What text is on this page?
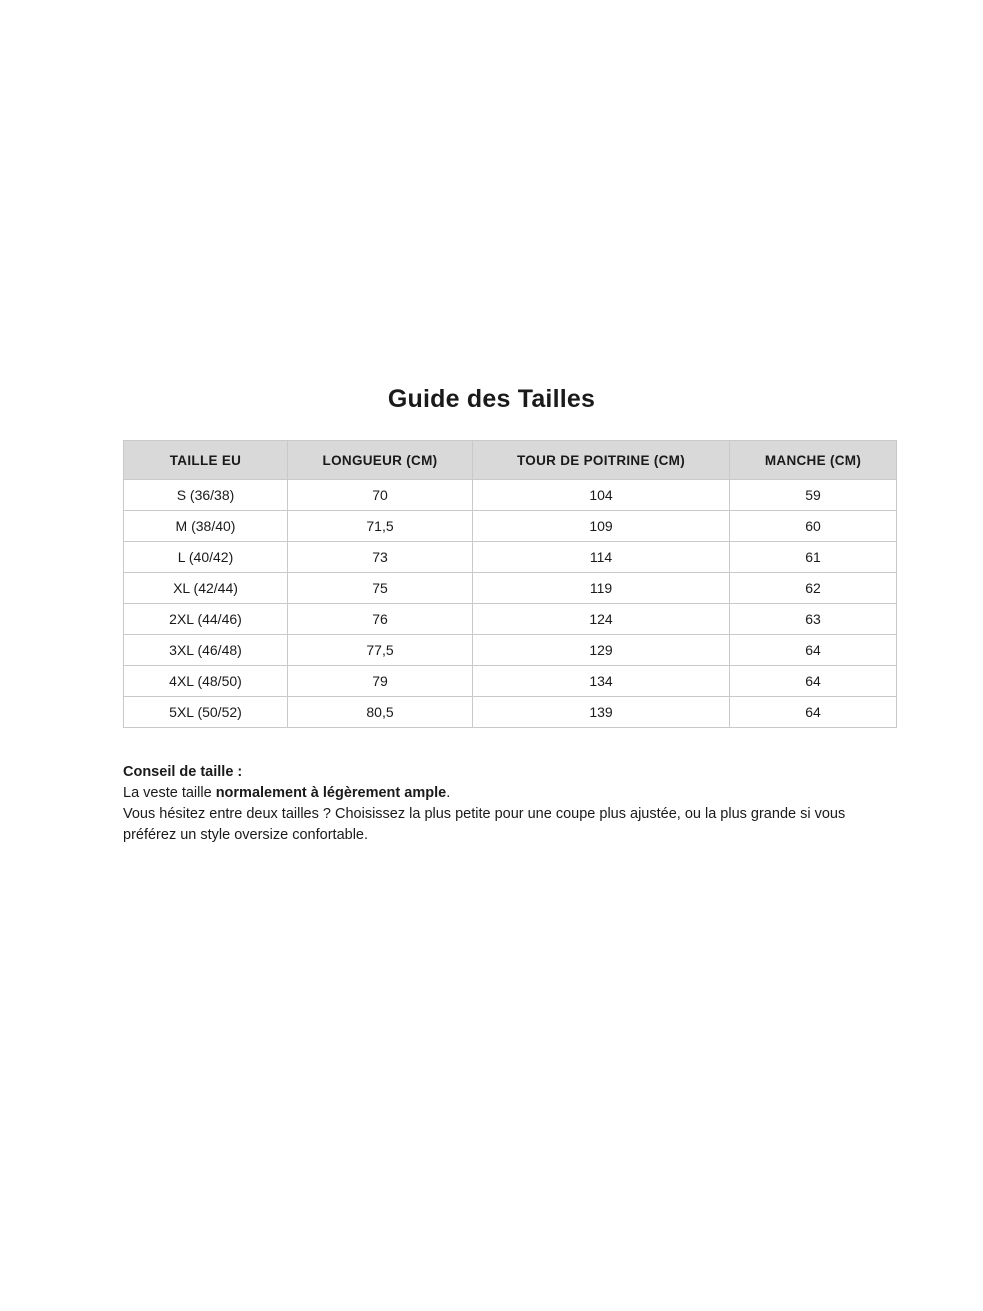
Guide des Tailles
TAILLE EU	LONGUEUR (CM)	TOUR DE POITRINE (CM)	MANCHE (CM)
S (36/38)	70	104	59
M (38/40)	71,5	109	60
L (40/42)	73	114	61
XL (42/44)	75	119	62
2XL (44/46)	76	124	63
3XL (46/48)	77,5	129	64
4XL (48/50)	79	134	64
5XL (50/52)	80,5	139	64
Conseil de taille :
La veste taille normalement à légèrement ample.
Vous hésitez entre deux tailles ? Choisissez la plus petite pour une coupe plus ajustée, ou la plus grande si vous préférez un style oversize confortable.
